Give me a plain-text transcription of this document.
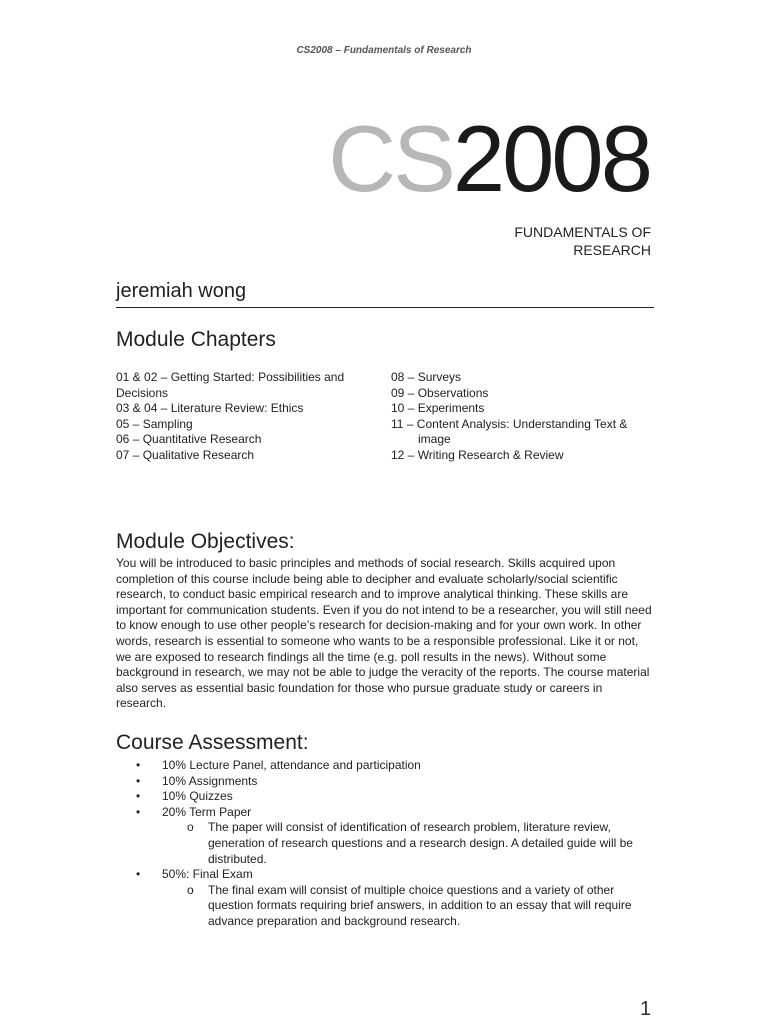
CS2008 – Fundamentals of Research
CS2008
FUNDAMENTALS OF
RESEARCH
jeremiah wong
Module Chapters
01 & 02 – Getting Started: Possibilities and Decisions
03 & 04 – Literature Review: Ethics
05 – Sampling
06 – Quantitative Research
07 – Qualitative Research
08 – Surveys
09 – Observations
10 – Experiments
11 – Content Analysis: Understanding Text & image
12 – Writing Research & Review
Module Objectives:

You will be introduced to basic principles and methods of social research. Skills acquired upon completion of this course include being able to decipher and evaluate scholarly/social scientific research, to conduct basic empirical research and to improve analytical thinking. These skills are important for communication students. Even if you do not intend to be a researcher, you will still need to know enough to use other people’s research for decision-making and for your own work. In other words, research is essential to someone who wants to be a responsible professional. Like it or not, we are exposed to research findings all the time (e.g. poll results in the news). Without some background in research, we may not be able to judge the veracity of the reports. The course material also serves as essential basic foundation for those who pursue graduate study or careers in research.

Course Assessment:
• 10% Lecture Panel, attendance and participation
• 10% Assignments
• 10% Quizzes
• 20% Term Paper
o The paper will consist of identification of research problem, literature review, generation of research questions and a research design. A detailed guide will be distributed.
• 50%: Final Exam
o The final exam will consist of multiple choice questions and a variety of other question formats requiring brief answers, in addition to an essay that will require advance preparation and background research.
1
